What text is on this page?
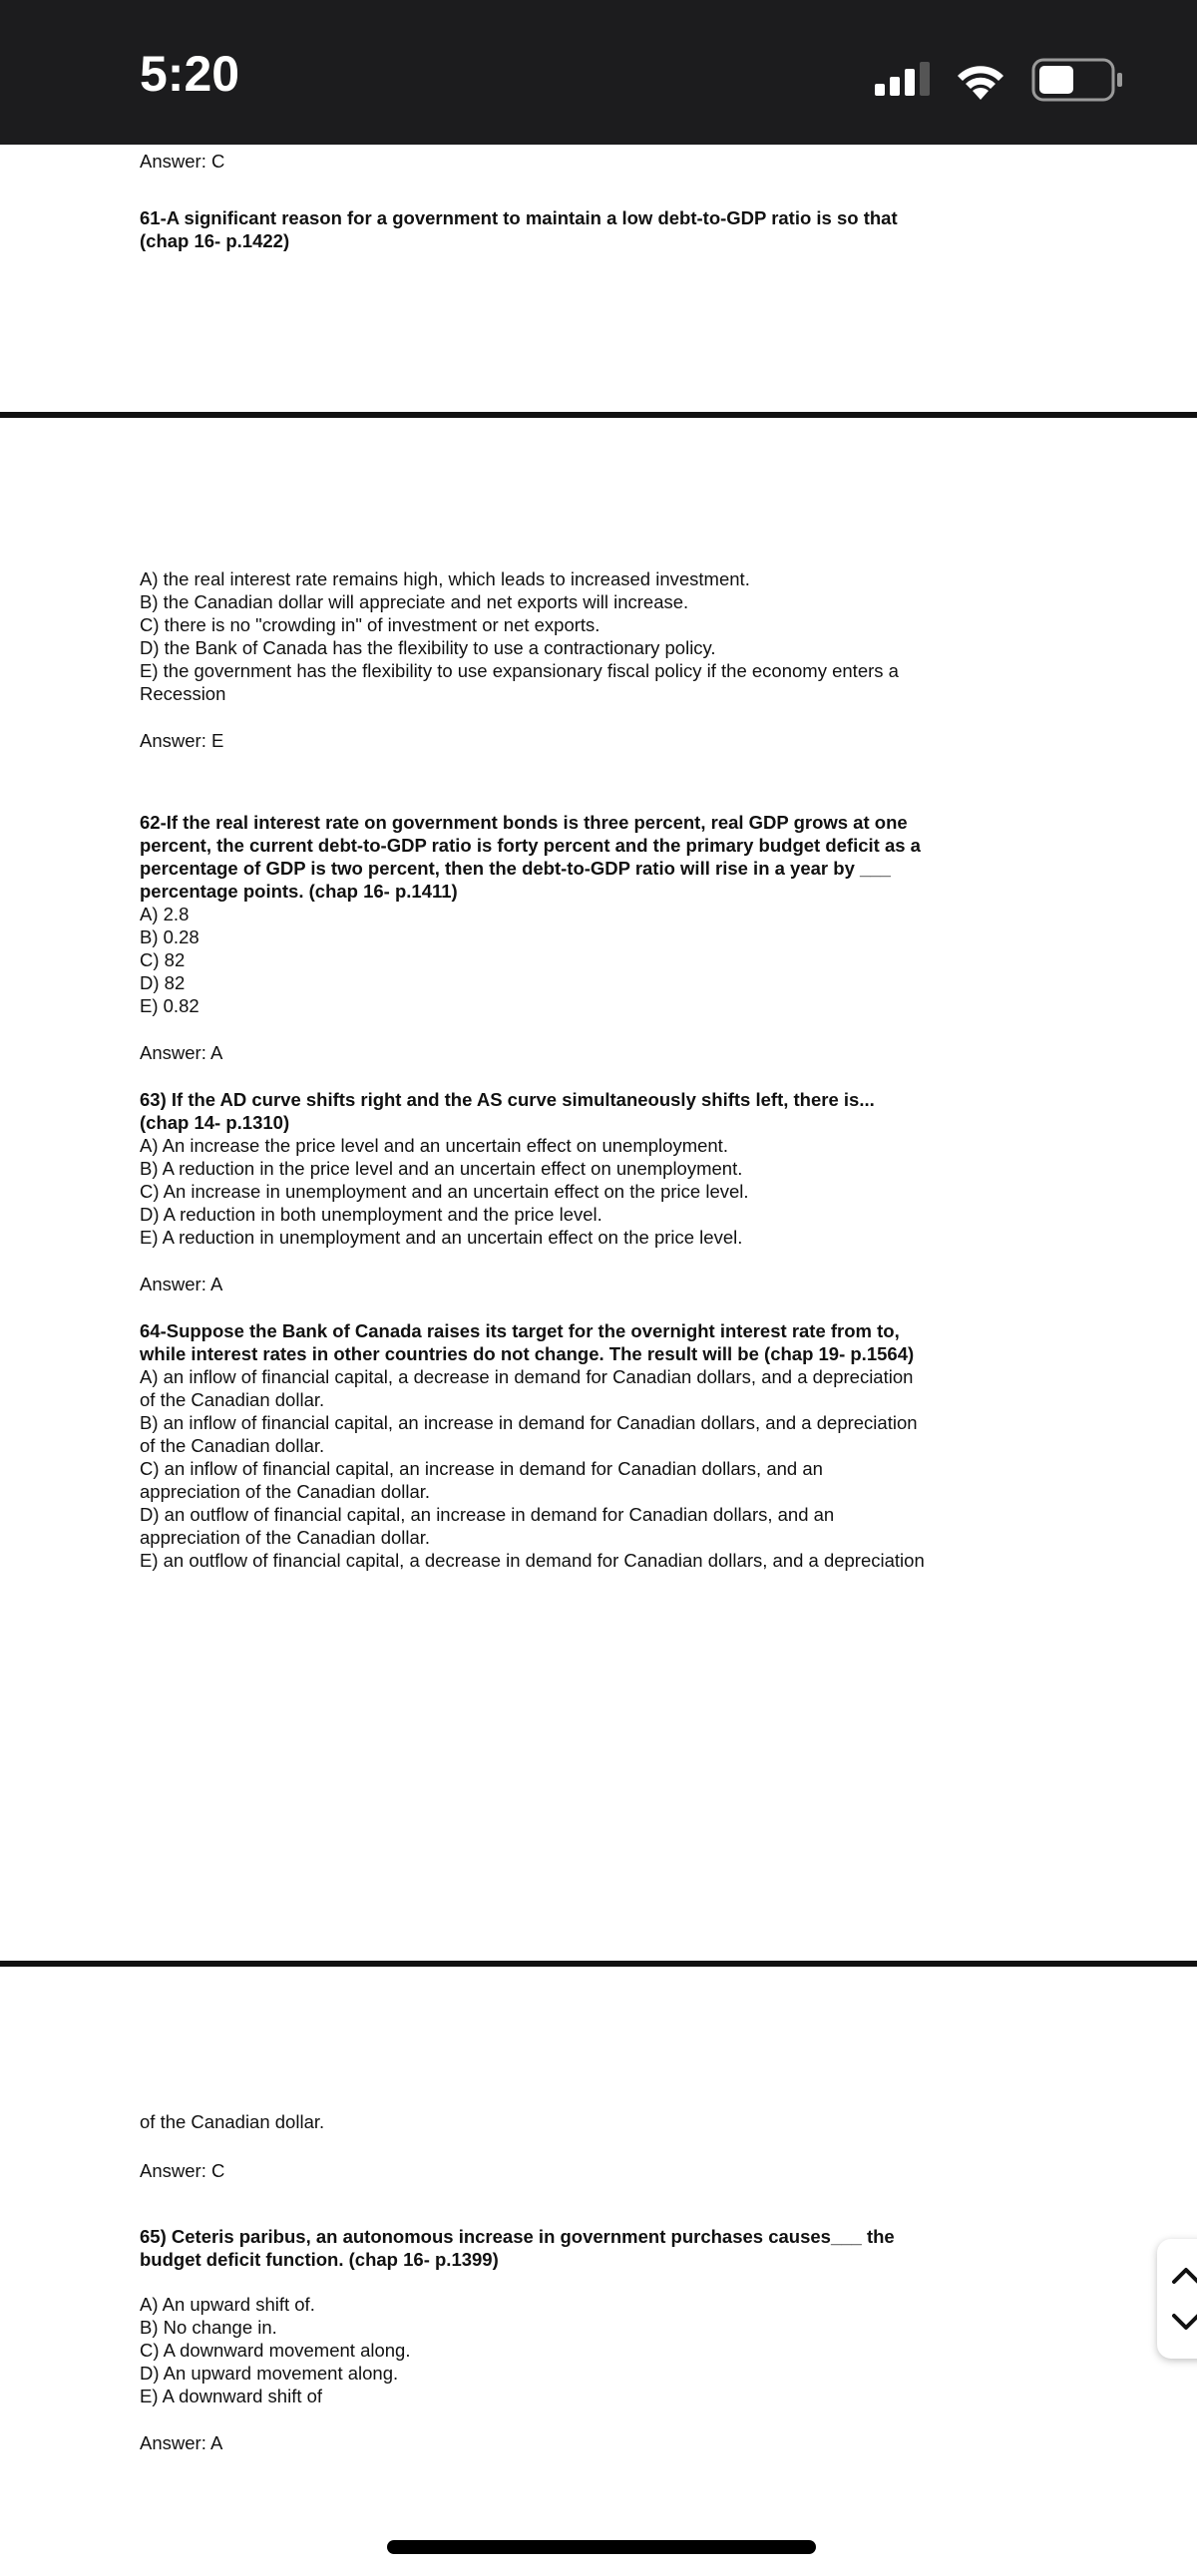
5:20

Answer: C

61-A significant reason for a government to maintain a low debt-to-GDP ratio is so that

(chap 16- p.1422)

A) the real interest rate remains high, which leads to increased investment.

B) the Canadian dollar will appreciate and net exports will increase.

C) there is no "crowding in" of investment or net exports.

D) the Bank of Canada has the flexibility to use a contractionary policy.

E) the government has the flexibility to use expansionary fiscal policy if the economy enters a

Recession

Answer: E

62-If the real interest rate on government bonds is three percent, real GDP grows at one

percent, the current debt-to-GDP ratio is forty percent and the primary budget deficit as a

percentage of GDP is two percent, then the debt-to-GDP ratio will rise in a year by ___

percentage points. (chap 16- p.1411)

A) 2.8

B) 0.28

C) 82

D) 82

E) 0.82

Answer: A

63) If the AD curve shifts right and the AS curve simultaneously shifts left, there is...

(chap 14- p.1310)

A) An increase the price level and an uncertain effect on unemployment.

B) A reduction in the price level and an uncertain effect on unemployment.

C) An increase in unemployment and an uncertain effect on the price level.

D) A reduction in both unemployment and the price level.

E) A reduction in unemployment and an uncertain effect on the price level.

Answer: A

64-Suppose the Bank of Canada raises its target for the overnight interest rate from to,

while interest rates in other countries do not change. The result will be (chap 19- p.1564)

A) an inflow of financial capital, a decrease in demand for Canadian dollars, and a depreciation

of the Canadian dollar.

B) an inflow of financial capital, an increase in demand for Canadian dollars, and a depreciation

of the Canadian dollar.

C) an inflow of financial capital, an increase in demand for Canadian dollars, and an

appreciation of the Canadian dollar.

D) an outflow of financial capital, an increase in demand for Canadian dollars, and an

appreciation of the Canadian dollar.

E) an outflow of financial capital, a decrease in demand for Canadian dollars, and a depreciation

of the Canadian dollar.

Answer: C

65) Ceteris paribus, an autonomous increase in government purchases causes___ the

budget deficit function. (chap 16- p.1399)

A) An upward shift of.

B) No change in.

C) A downward movement along.

D) An upward movement along.

E) A downward shift of

Answer: A
